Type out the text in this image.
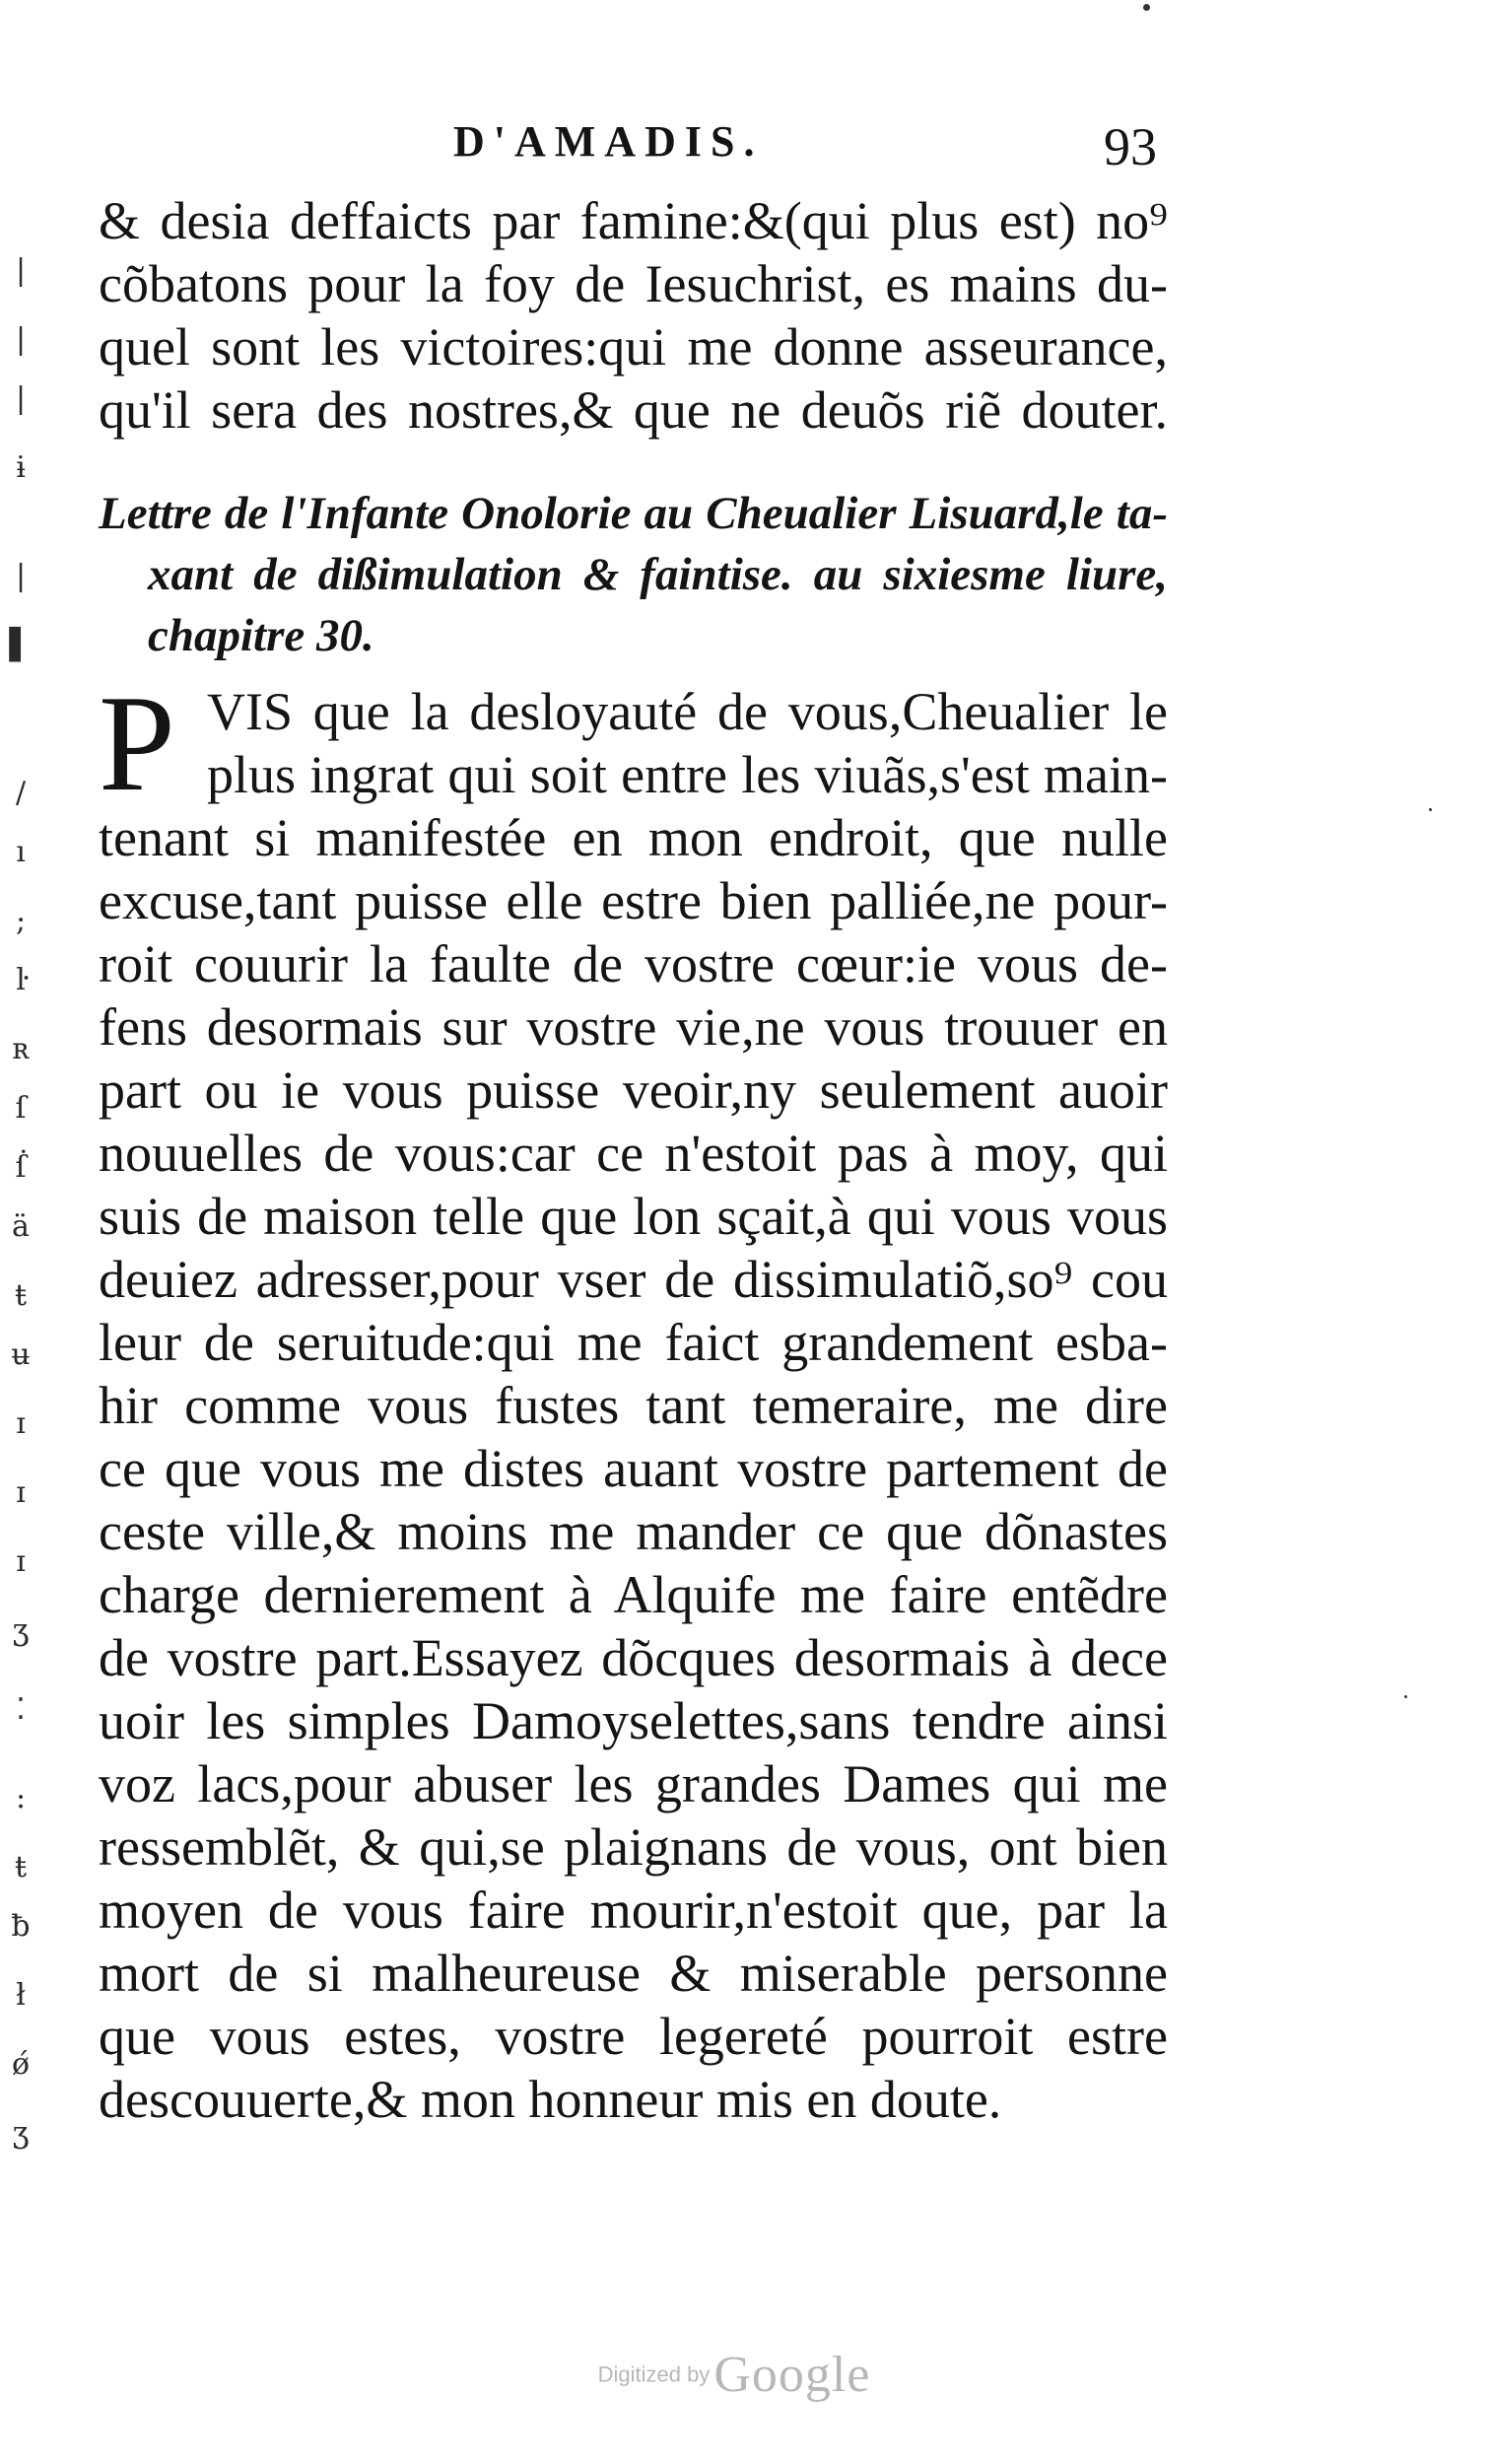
|
|
|
ɨ
|
▌
/
ı
;
ŀ
ʀ
ſ
ẛ
ä
ŧ
ʉ
ɪ
ɪ
ɪ
ʒ
⁚
:
ŧ
ƀ
ł
ǿ
ʒ
D'AMADIS.	93
& desia deffaicts par famine:&(qui plus est) no⁹
cõbatons pour la foy de Iesuchrist, es mains du-
quel sont les victoires:qui me donne asseurance,
qu'il sera des nostres,& que ne deuõs riẽ douter.
Lettre de l'Infante Onolorie au Cheualier Lisuard,le ta-
xant de dißimulation & faintise. au sixiesme liure,
chapitre 30.
P VIS que la desloyauté de vous,Cheualier le
plus ingrat qui soit entre les viuãs,s'est main-
tenant si manifestée en mon endroit, que nulle
excuse,tant puisse elle estre bien palliée,ne pour-
roit couurir la faulte de vostre cœur:ie vous de-
fens desormais sur vostre vie,ne vous trouuer en
part ou ie vous puisse veoir,ny seulement auoir
nouuelles de vous:car ce n'estoit pas à moy, qui
suis de maison telle que lon sçait,à qui vous vous
deuiez adresser,pour vser de dissimulatiõ,so⁹ cou
leur de seruitude:qui me faict grandement esba-
hir comme vous fustes tant temeraire, me dire
ce que vous me distes auant vostre partement de
ceste ville,& moins me mander ce que dõnastes
charge dernierement à Alquife me faire entẽdre
de vostre part.Essayez dõcques desormais à dece
uoir les simples Damoyselettes,sans tendre ainsi
voz lacs,pour abuser les grandes Dames qui me
ressemblẽt, & qui,se plaignans de vous, ont bien
moyen de vous faire mourir,n'estoit que, par la
mort de si malheureuse & miserable personne
que vous estes, vostre legereté pourroit estre
descouuerte,& mon honneur mis en doute.
Digitized by Google
